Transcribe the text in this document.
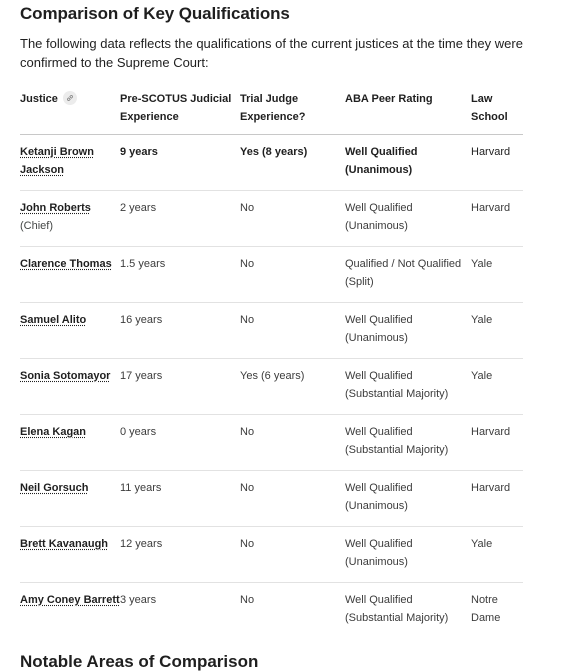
Comparison of Key Qualifications

The following data reflects the qualifications of the current justices at the time they were confirmed to the Supreme Court:

Justice	Pre-SCOTUS Judicial Experience	Trial Judge Experience?	ABA Peer Rating	Law School
Ketanji Brown Jackson	9 years	Yes (8 years)	Well Qualified (Unanimous)	Harvard
John Roberts
(Chief)	2 years	No	Well Qualified (Unanimous)	Harvard
Clarence Thomas	1.5 years	No	Qualified / Not Qualified (Split)	Yale
Samuel Alito	16 years	No	Well Qualified (Unanimous)	Yale
Sonia Sotomayor	17 years	Yes (6 years)	Well Qualified (Substantial Majority)	Yale
Elena Kagan	0 years	No	Well Qualified (Substantial Majority)	Harvard
Neil Gorsuch	11 years	No	Well Qualified (Unanimous)	Harvard
Brett Kavanaugh	12 years	No	Well Qualified (Unanimous)	Yale
Amy Coney Barrett	3 years	No	Well Qualified (Substantial Majority)	Notre Dame
Notable Areas of Comparison
